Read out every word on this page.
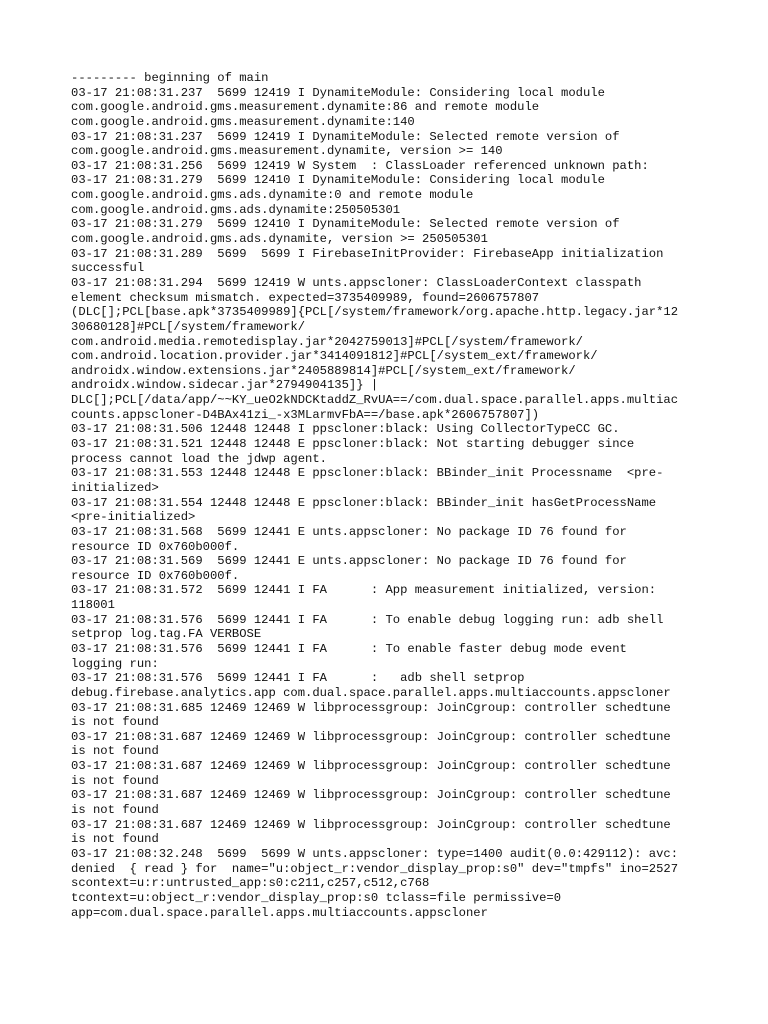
--------- beginning of main
03-17 21:08:31.237  5699 12419 I DynamiteModule: Considering local module
com.google.android.gms.measurement.dynamite:86 and remote module
com.google.android.gms.measurement.dynamite:140
03-17 21:08:31.237  5699 12419 I DynamiteModule: Selected remote version of
com.google.android.gms.measurement.dynamite, version >= 140
03-17 21:08:31.256  5699 12419 W System  : ClassLoader referenced unknown path:
03-17 21:08:31.279  5699 12410 I DynamiteModule: Considering local module
com.google.android.gms.ads.dynamite:0 and remote module
com.google.android.gms.ads.dynamite:250505301
03-17 21:08:31.279  5699 12410 I DynamiteModule: Selected remote version of
com.google.android.gms.ads.dynamite, version >= 250505301
03-17 21:08:31.289  5699  5699 I FirebaseInitProvider: FirebaseApp initialization
successful
03-17 21:08:31.294  5699 12419 W unts.appscloner: ClassLoaderContext classpath
element checksum mismatch. expected=3735409989, found=2606757807
(DLC[];PCL[base.apk*3735409989]{PCL[/system/framework/org.apache.http.legacy.jar*12
30680128]#PCL[/system/framework/
com.android.media.remotedisplay.jar*2042759013]#PCL[/system/framework/
com.android.location.provider.jar*3414091812]#PCL[/system_ext/framework/
androidx.window.extensions.jar*2405889814]#PCL[/system_ext/framework/
androidx.window.sidecar.jar*2794904135]} |
DLC[];PCL[/data/app/~~KY_ueO2kNDCKtaddZ_RvUA==/com.dual.space.parallel.apps.multiac
counts.appscloner-D4BAx41zi_-x3MLarmvFbA==/base.apk*2606757807])
03-17 21:08:31.506 12448 12448 I ppscloner:black: Using CollectorTypeCC GC.
03-17 21:08:31.521 12448 12448 E ppscloner:black: Not starting debugger since
process cannot load the jdwp agent.
03-17 21:08:31.553 12448 12448 E ppscloner:black: BBinder_init Processname  <pre-
initialized>
03-17 21:08:31.554 12448 12448 E ppscloner:black: BBinder_init hasGetProcessName
<pre-initialized>
03-17 21:08:31.568  5699 12441 E unts.appscloner: No package ID 76 found for
resource ID 0x760b000f.
03-17 21:08:31.569  5699 12441 E unts.appscloner: No package ID 76 found for
resource ID 0x760b000f.
03-17 21:08:31.572  5699 12441 I FA      : App measurement initialized, version:
118001
03-17 21:08:31.576  5699 12441 I FA      : To enable debug logging run: adb shell
setprop log.tag.FA VERBOSE
03-17 21:08:31.576  5699 12441 I FA      : To enable faster debug mode event
logging run:
03-17 21:08:31.576  5699 12441 I FA      :   adb shell setprop
debug.firebase.analytics.app com.dual.space.parallel.apps.multiaccounts.appscloner
03-17 21:08:31.685 12469 12469 W libprocessgroup: JoinCgroup: controller schedtune
is not found
03-17 21:08:31.687 12469 12469 W libprocessgroup: JoinCgroup: controller schedtune
is not found
03-17 21:08:31.687 12469 12469 W libprocessgroup: JoinCgroup: controller schedtune
is not found
03-17 21:08:31.687 12469 12469 W libprocessgroup: JoinCgroup: controller schedtune
is not found
03-17 21:08:31.687 12469 12469 W libprocessgroup: JoinCgroup: controller schedtune
is not found
03-17 21:08:32.248  5699  5699 W unts.appscloner: type=1400 audit(0.0:429112): avc:
denied  { read } for  name="u:object_r:vendor_display_prop:s0" dev="tmpfs" ino=2527
scontext=u:r:untrusted_app:s0:c211,c257,c512,c768
tcontext=u:object_r:vendor_display_prop:s0 tclass=file permissive=0
app=com.dual.space.parallel.apps.multiaccounts.appscloner
